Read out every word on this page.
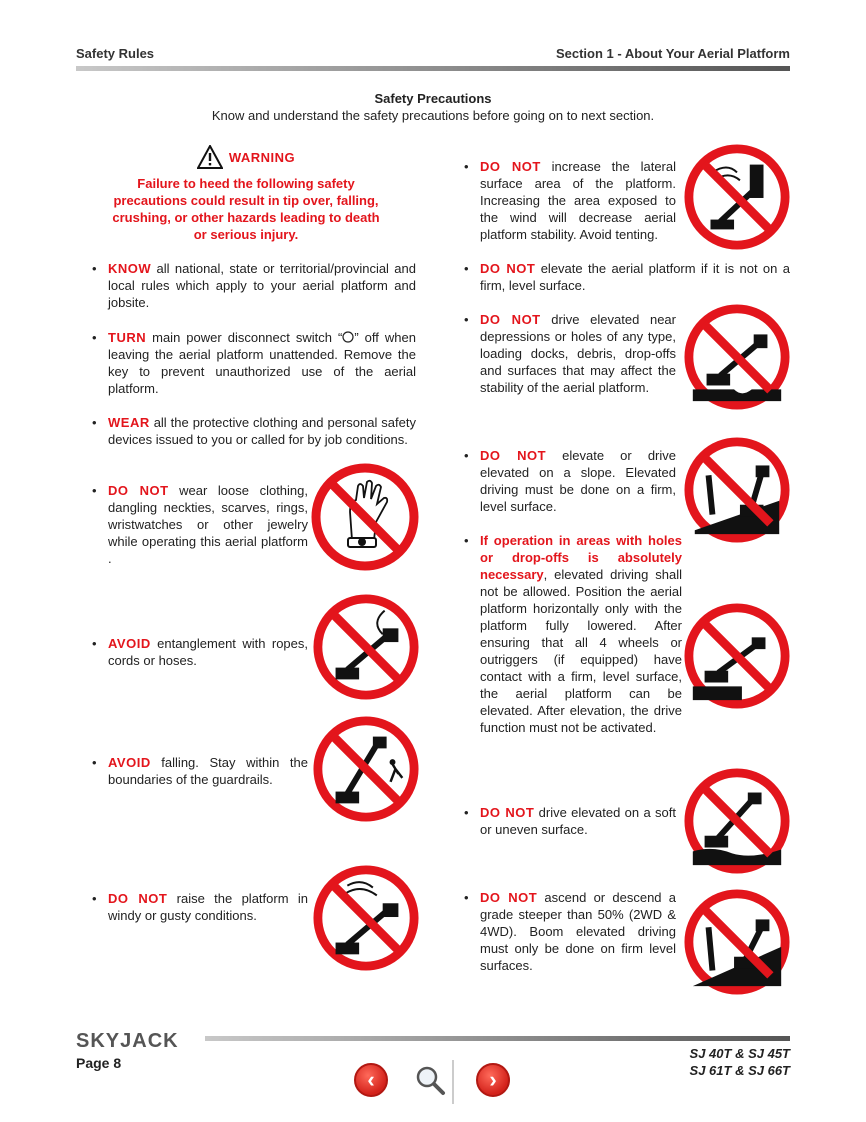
Safety Rules	Section 1 - About Your Aerial Platform
Safety Precautions
Know and understand the safety precautions before going on to next section.
WARNING
Failure to heed the following safety precautions could result in tip over, falling, crushing, or other hazards leading to death or serious injury.
• KNOW all national, state or territorial/provincial and local rules which apply to your aerial platform and jobsite.
• TURN main power disconnect switch “ ” off when leaving the aerial platform unattended. Remove the key to prevent unauthorized use of the aerial platform.
• WEAR all the protective clothing and personal safety devices issued to you or called for by job conditions.
• DO NOT wear loose clothing, dangling neckties, scarves, rings, wristwatches or other jewelry while operating this aerial platform .
• AVOID entanglement with ropes, cords or hoses.
• AVOID falling. Stay within the boundaries of the guardrails.
• DO NOT raise the platform in windy or gusty conditions.
• DO NOT increase the lateral surface area of the platform. Increasing the area exposed to the wind will decrease aerial platform stability. Avoid tenting.
• DO NOT elevate the aerial platform if it is not on a firm, level surface.
• DO NOT drive elevated near depressions or holes of any type, loading docks, debris, drop-offs and surfaces that may affect the stability of the aerial platform.
• DO NOT elevate or drive elevated on a slope. Elevated driving must be done on a firm, level surface.
• If operation in areas with holes or drop-offs is absolutely necessary, elevated driving shall not be allowed. Position the aerial platform horizontally only with the platform fully lowered. After ensuring that all 4 wheels or outriggers (if equipped) have contact with a firm, level surface, the aerial platform can be elevated. After elevation, the drive function must not be activated.
• DO NOT drive elevated on a soft or uneven surface.
• DO NOT ascend or descend a grade steeper than 50% (2WD & 4WD). Boom elevated driving must only be done on firm level surfaces.
SKYJACK
Page 8
SJ 40T & SJ 45T
SJ 61T & SJ 66T
‹	›
